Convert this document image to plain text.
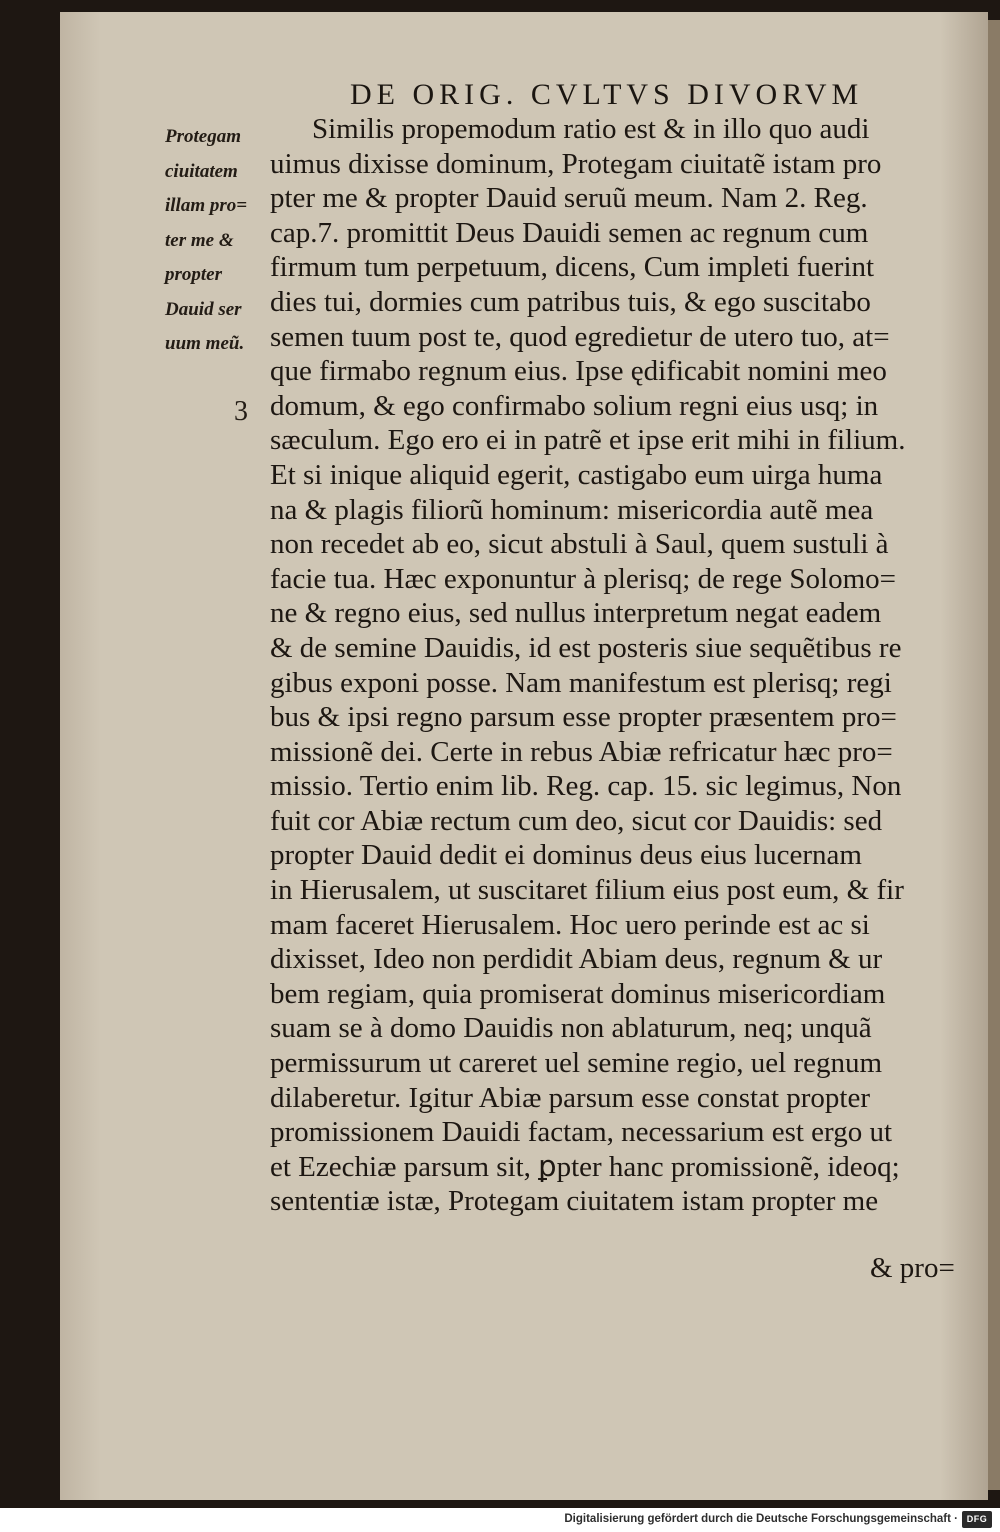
DE ORIG. CVLTVS DIVORVM
Protegam
ciuitatem
illam pro=
ter me &
propter
Dauid ser
uum meũ.
3
Similis propemodum ratio est & in illo quo audi
uimus dixisse dominum, Protegam ciuitatẽ istam pro
pter me & propter Dauid seruũ meum. Nam 2. Reg.
cap.7. promittit Deus Dauidi semen ac regnum cum
firmum tum perpetuum, dicens, Cum impleti fuerint
dies tui, dormies cum patribus tuis, & ego suscitabo
semen tuum post te, quod egredietur de utero tuo, at=
que firmabo regnum eius. Ipse ędificabit nomini meo
domum, & ego confirmabo solium regni eius usq; in
sæculum. Ego ero ei in patrẽ et ipse erit mihi in filium.
Et si inique aliquid egerit, castigabo eum uirga huma
na & plagis filiorũ hominum: misericordia autẽ mea
non recedet ab eo, sicut abstuli à Saul, quem sustuli à
facie tua. Hæc exponuntur à plerisq; de rege Solomo=
ne & regno eius, sed nullus interpretum negat eadem
& de semine Dauidis, id est posteris siue sequẽtibus re
gibus exponi posse. Nam manifestum est plerisq; regi
bus & ipsi regno parsum esse propter præsentem pro=
missionẽ dei. Certe in rebus Abiæ refricatur hæc pro=
missio. Tertio enim lib. Reg. cap. 15. sic legimus, Non
fuit cor Abiæ rectum cum deo, sicut cor Dauidis: sed
propter Dauid dedit ei dominus deus eius lucernam
in Hierusalem, ut suscitaret filium eius post eum, & fir
mam faceret Hierusalem. Hoc uero perinde est ac si
dixisset, Ideo non perdidit Abiam deus, regnum & ur
bem regiam, quia promiserat dominus misericordiam
suam se à domo Dauidis non ablaturum, neq; unquã
permissurum ut careret uel semine regio, uel regnum
dilaberetur. Igitur Abiæ parsum esse constat propter
promissionem Dauidi factam, necessarium est ergo ut
et Ezechiæ parsum sit, ꝑpter hanc promissionẽ, ideoq;
sententiæ istæ, Protegam ciuitatem istam propter me
& pro=
Digitalisierung gefördert durch die Deutsche Forschungsgemeinschaft · DFG
